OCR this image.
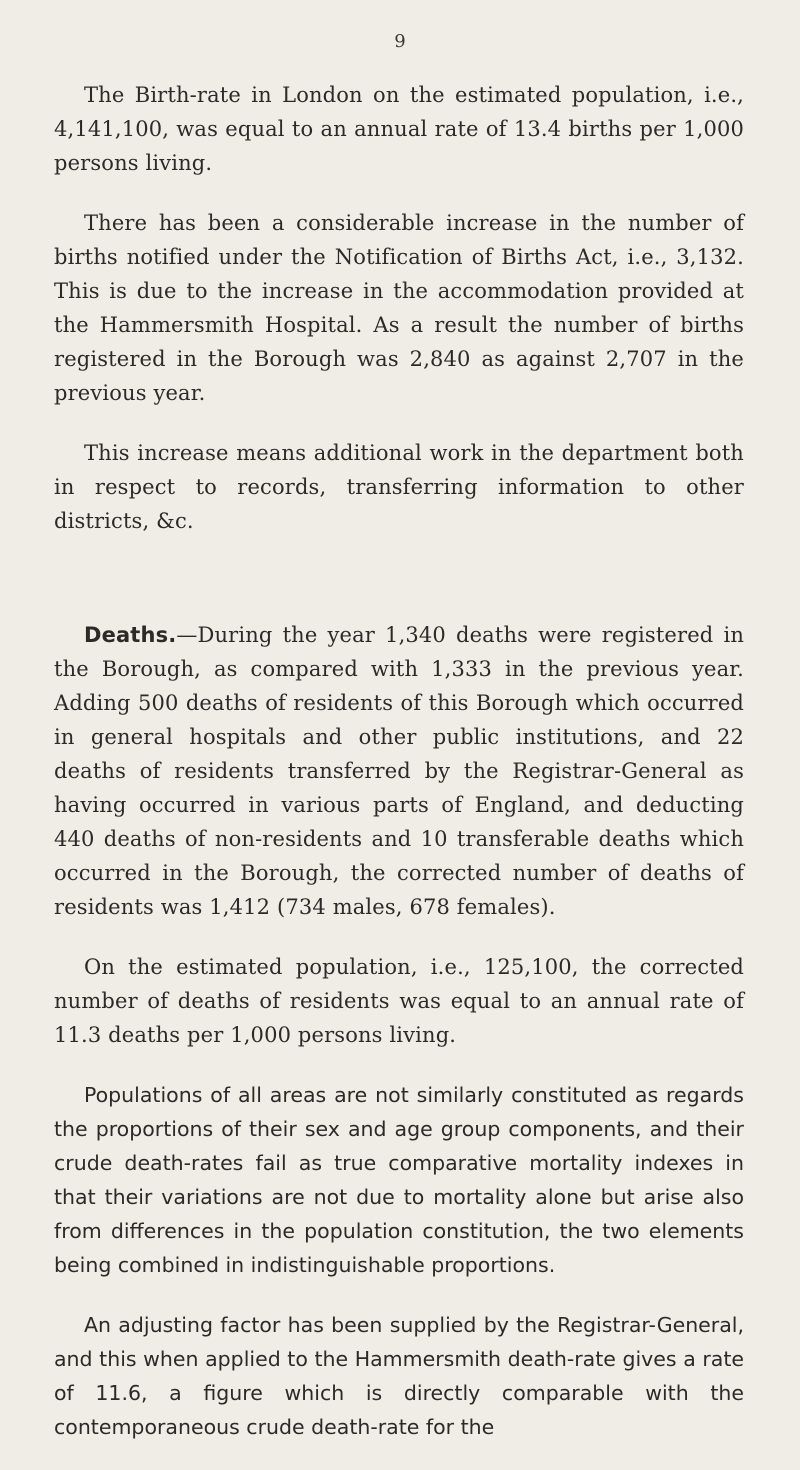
9

The Birth-rate in London on the estimated population, i.e., 4,141,100, was equal to an annual rate of 13.4 births per 1,000 persons living.

There has been a considerable increase in the number of births notified under the Notification of Births Act, i.e., 3,132. This is due to the increase in the accommodation provided at the Hammersmith Hospital. As a result the number of births registered in the Borough was 2,840 as against 2,707 in the previous year.

This increase means additional work in the department both in respect to records, transferring information to other districts, &c.

Deaths.—During the year 1,340 deaths were registered in the Borough, as compared with 1,333 in the previous year. Adding 500 deaths of residents of this Borough which occurred in general hospitals and other public institutions, and 22 deaths of residents transferred by the Registrar-General as having occurred in various parts of England, and deducting 440 deaths of non-residents and 10 transferable deaths which occurred in the Borough, the corrected number of deaths of residents was 1,412 (734 males, 678 females).

On the estimated population, i.e., 125,100, the corrected number of deaths of residents was equal to an annual rate of 11.3 deaths per 1,000 persons living.

Populations of all areas are not similarly constituted as regards the proportions of their sex and age group components, and their crude death-rates fail as true comparative mortality indexes in that their variations are not due to mortality alone but arise also from differences in the population constitution, the two elements being combined in indistinguishable proportions.

An adjusting factor has been supplied by the Registrar-General, and this when applied to the Hammersmith death-rate gives a rate of 11.6, a figure which is directly comparable with the contemporaneous crude death-rate for the
